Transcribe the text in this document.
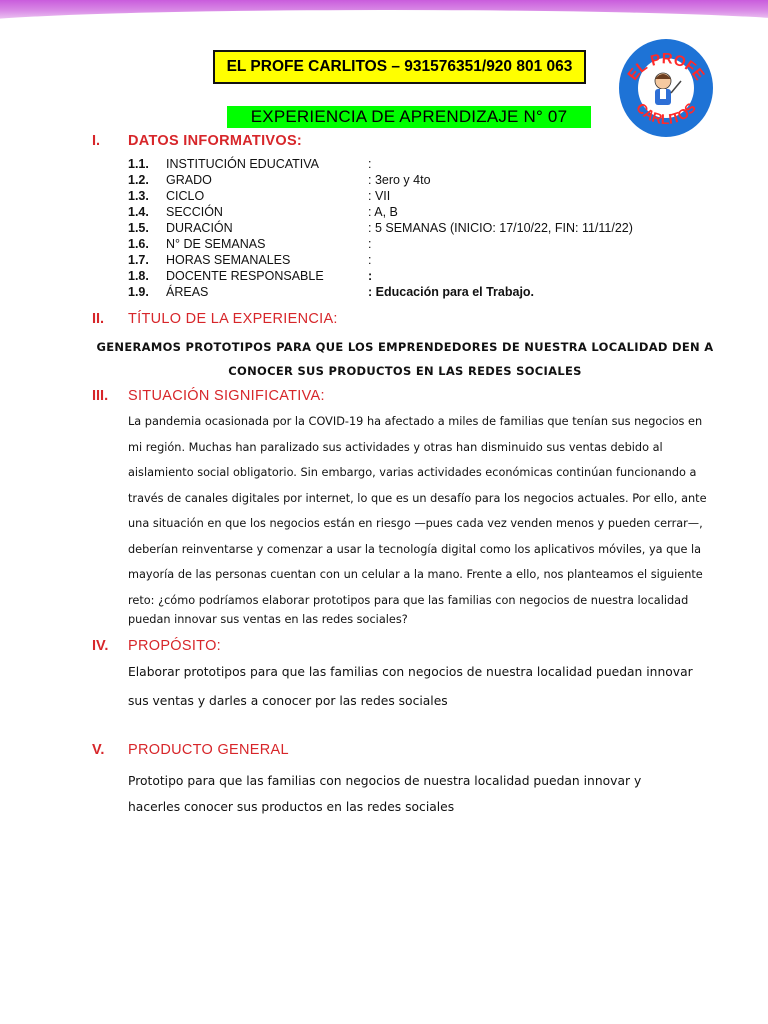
EL PROFE CARLITOS – 931576351/920 801 063
EXPERIENCIA DE APRENDIZAJE N° 07
EL PROFE
CARLITOS
I. DATOS INFORMATIVOS:
1.1. INSTITUCIÓN EDUCATIVA	:
1.2. GRADO	: 3ero y 4to
1.3. CICLO	: VII
1.4. SECCIÓN	: A, B
1.5. DURACIÓN	: 5 SEMANAS (INICIO: 17/10/22, FIN: 11/11/22)
1.6. N° DE SEMANAS	:
1.7. HORAS SEMANALES	:
1.8. DOCENTE RESPONSABLE	:
1.9. ÁREAS	: Educación para el Trabajo.
II. TÍTULO DE LA EXPERIENCIA:
GENERAMOS PROTOTIPOS PARA QUE LOS EMPRENDEDORES DE NUESTRA LOCALIDAD DEN A
CONOCER SUS PRODUCTOS EN LAS REDES SOCIALES
III. SITUACIÓN SIGNIFICATIVA:
La pandemia ocasionada por la COVID-19 ha afectado a miles de familias que tenían sus negocios en
mi región. Muchas han paralizado sus actividades y otras han disminuido sus ventas debido al
aislamiento social obligatorio. Sin embargo, varias actividades económicas continúan funcionando a
través de canales digitales por internet, lo que es un desafío para los negocios actuales. Por ello, ante
una situación en que los negocios están en riesgo —pues cada vez venden menos y pueden cerrar—,
deberían reinventarse y comenzar a usar la tecnología digital como los aplicativos móviles, ya que la
mayoría de las personas cuentan con un celular a la mano. Frente a ello, nos planteamos el siguiente
reto: ¿cómo podríamos elaborar prototipos para que las familias con negocios de nuestra localidad
puedan innovar sus ventas en las redes sociales?
IV. PROPÓSITO:
Elaborar prototipos para que las familias con negocios de nuestra localidad puedan innovar
sus ventas y darles a conocer por las redes sociales
V. PRODUCTO GENERAL
Prototipo para que las familias con negocios de nuestra localidad puedan innovar y
hacerles conocer sus productos en las redes sociales
